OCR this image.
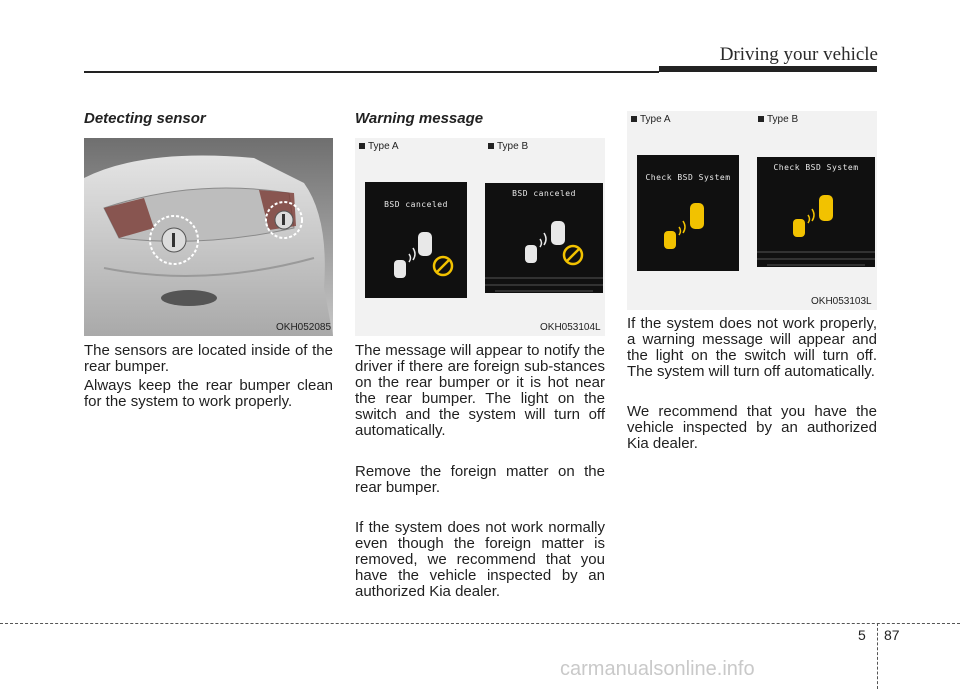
Driving your vehicle
Detecting sensor
OKH052085

The sensors are located inside of the rear bumper.

Always keep the rear bumper clean for the system to work properly.

Warning message
Type A	Type B
BSD canceled
BSD canceled
OKH053104L

The message will appear to notify the driver if there are foreign sub-stances on the rear bumper or it is hot near the rear bumper. The light on the switch and the system will turn off automatically.

Remove the foreign matter on the rear bumper.

If the system does not work normally even though the foreign matter is removed, we recommend that you have the vehicle inspected by an authorized Kia dealer.

Type A	Type B
Check BSD System
Check BSD System
OKH053103L

If the system does not work properly, a warning message will appear and the light on the switch will turn off. The system will turn off automatically.

We recommend that you have the vehicle inspected by an authorized Kia dealer.

5 87
carmanualsonline.info
